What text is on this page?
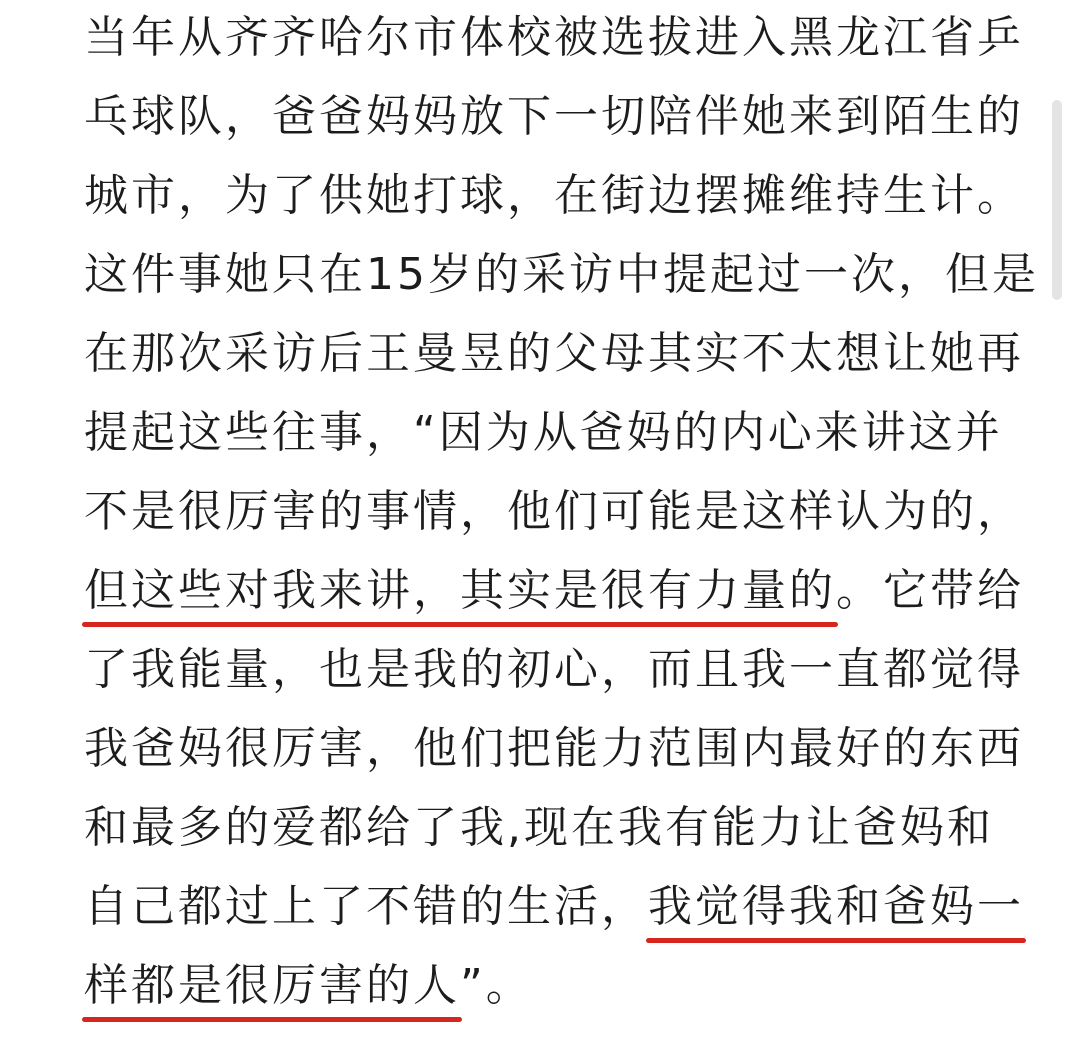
当年从齐齐哈尔市体校被选拔进入黑龙江省乒
乓球队，爸爸妈妈放下一切陪伴她来到陌生的
城市，为了供她打球，在街边摆摊维持生计。
这件事她只在15岁的采访中提起过一次，但是
在那次采访后王曼昱的父母其实不太想让她再
提起这些往事，“因为从爸妈的内心来讲这并
不是很厉害的事情，他们可能是这样认为的，
但这些对我来讲，其实是很有力量的。它带给
了我能量，也是我的初心，而且我一直都觉得
我爸妈很厉害，他们把能力范围内最好的东西
和最多的爱都给了我,现在我有能力让爸妈和
自己都过上了不错的生活，我觉得我和爸妈一
样都是很厉害的人”。
